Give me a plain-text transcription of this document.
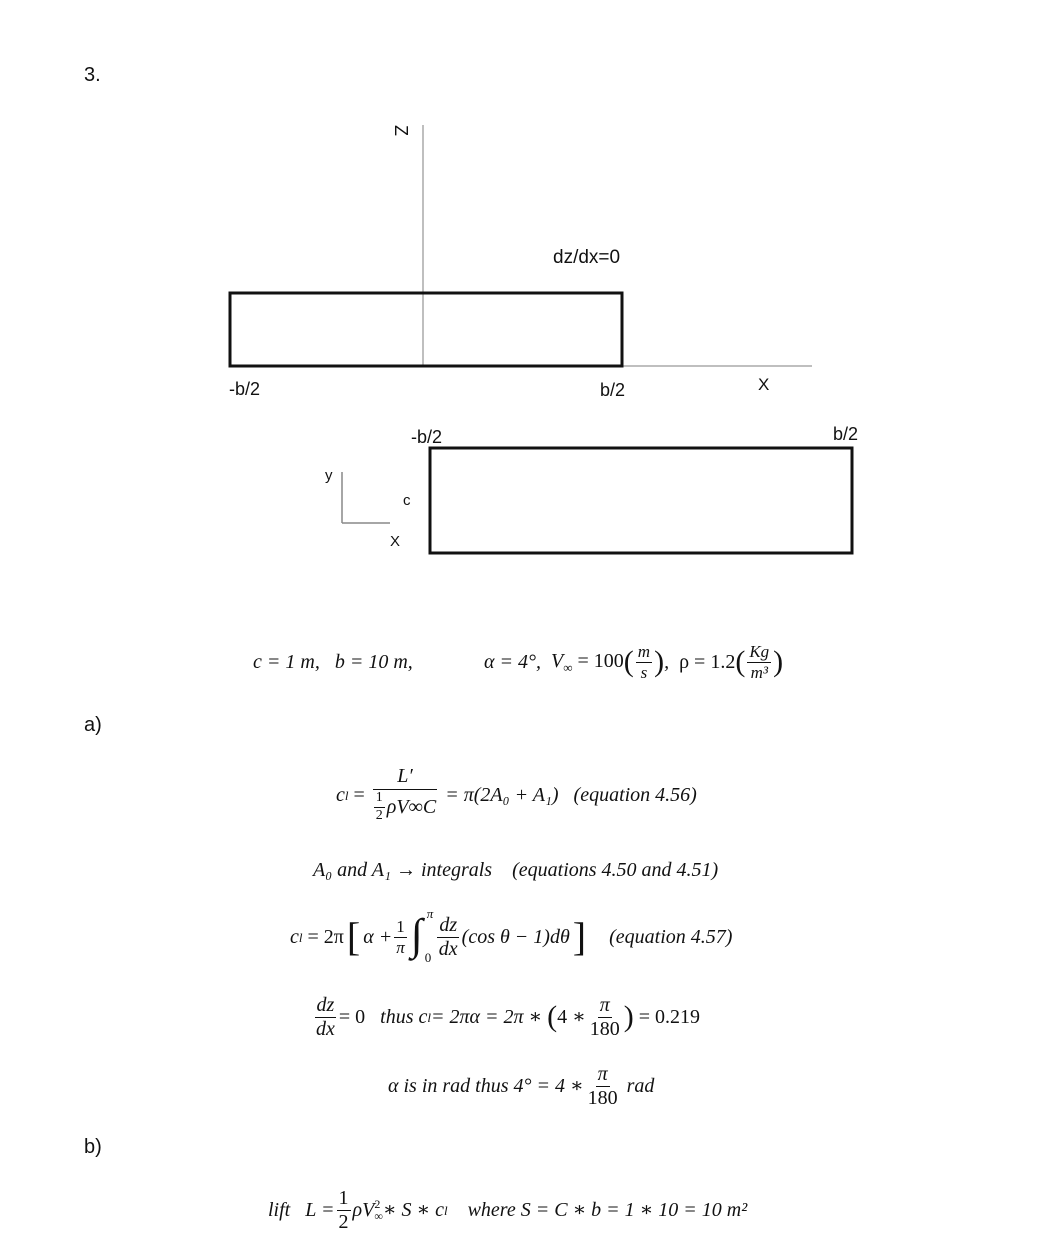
3.
Z
dz/dx=0
-b/2	b/2	X
-b/2	b/2
y
X
c
c = 1 m, b = 10 m,	α = 4°,
$V_\infty = 100$ ( $\frac{m}{s}$ ) , ρ = 1.2 ( $\frac{Kg}{\text{m³}}$ )
a)
c l
=
$\frac{L'}{\frac{1}{2} \rho V\infty C}$
= π(2A₀ + A₁)
(equation 4.56)
A₀ and A₁ → integrals (equations 4.50 and 4.51)
c l
= 2π [ $\alpha + \frac{1}{\pi}$ ∫ π
$0 \frac{dz}{dx} (\cos$ θ − 1)dθ ]
(equation 4.57)
$\frac{dz}{dx} = 0$
thus c l = 2πα = 2π ∗
( 4 ∗ $\frac{\pi}{180}$ )
= 0.219
α is in rad thus 4° = 4 ∗ $\frac{\pi}{180}$
rad
b)
lift
$L = \frac{1}{2}$ ρV 2
∞ ∗ S ∗ c l
where S = C ∗ b = 1 ∗ 10 = 10 m²
